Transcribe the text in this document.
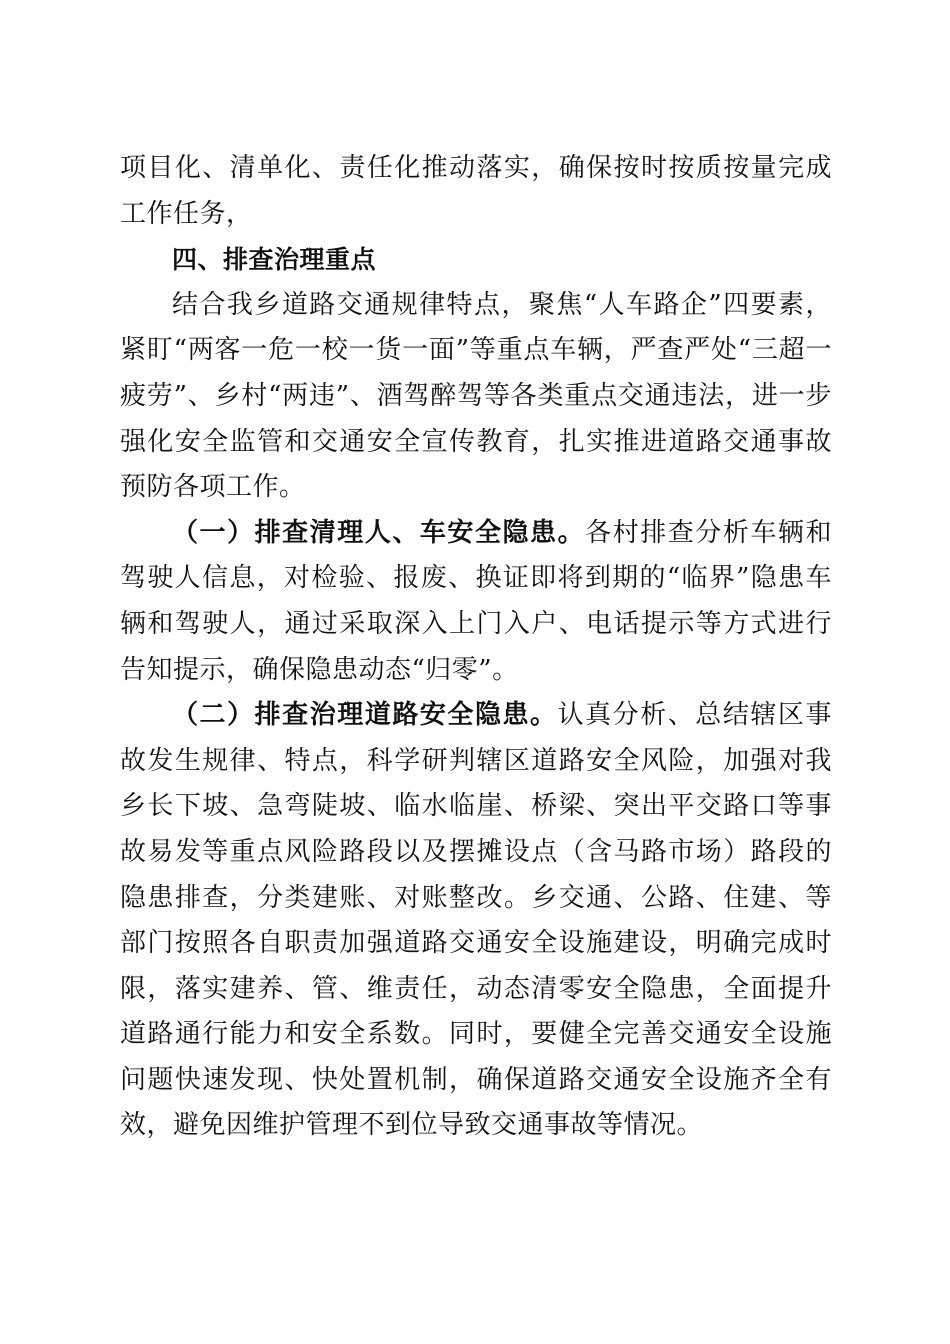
项目化、清单化、责任化推动落实，确保按时按质按量完成工作任务，

四、排查治理重点

结合我乡道路交通规律特点，聚焦“人车路企”四要素，紧盯“两客一危一校一货一面”等重点车辆，严查严处“三超一疲劳”、乡村“两违”、酒驾醉驾等各类重点交通违法，进一步强化安全监管和交通安全宣传教育，扎实推进道路交通事故预防各项工作。

（一）排查清理人、车安全隐患。各村排查分析车辆和驾驶人信息，对检验、报废、换证即将到期的“临界”隐患车辆和驾驶人，通过采取深入上门入户、电话提示等方式进行告知提示，确保隐患动态“归零”。

（二）排查治理道路安全隐患。认真分析、总结辖区事故发生规律、特点，科学研判辖区道路安全风险，加强对我乡长下坡、急弯陡坡、临水临崖、桥梁、突出平交路口等事故易发等重点风险路段以及摆摊设点（含马路市场）路段的隐患排查，分类建账、对账整改。乡交通、公路、住建、等部门按照各自职责加强道路交通安全设施建设，明确完成时限，落实建养、管、维责任，动态清零安全隐患，全面提升道路通行能力和安全系数。同时，要健全完善交通安全设施问题快速发现、快处置机制，确保道路交通安全设施齐全有效，避免因维护管理不到位导致交通事故等情况。
